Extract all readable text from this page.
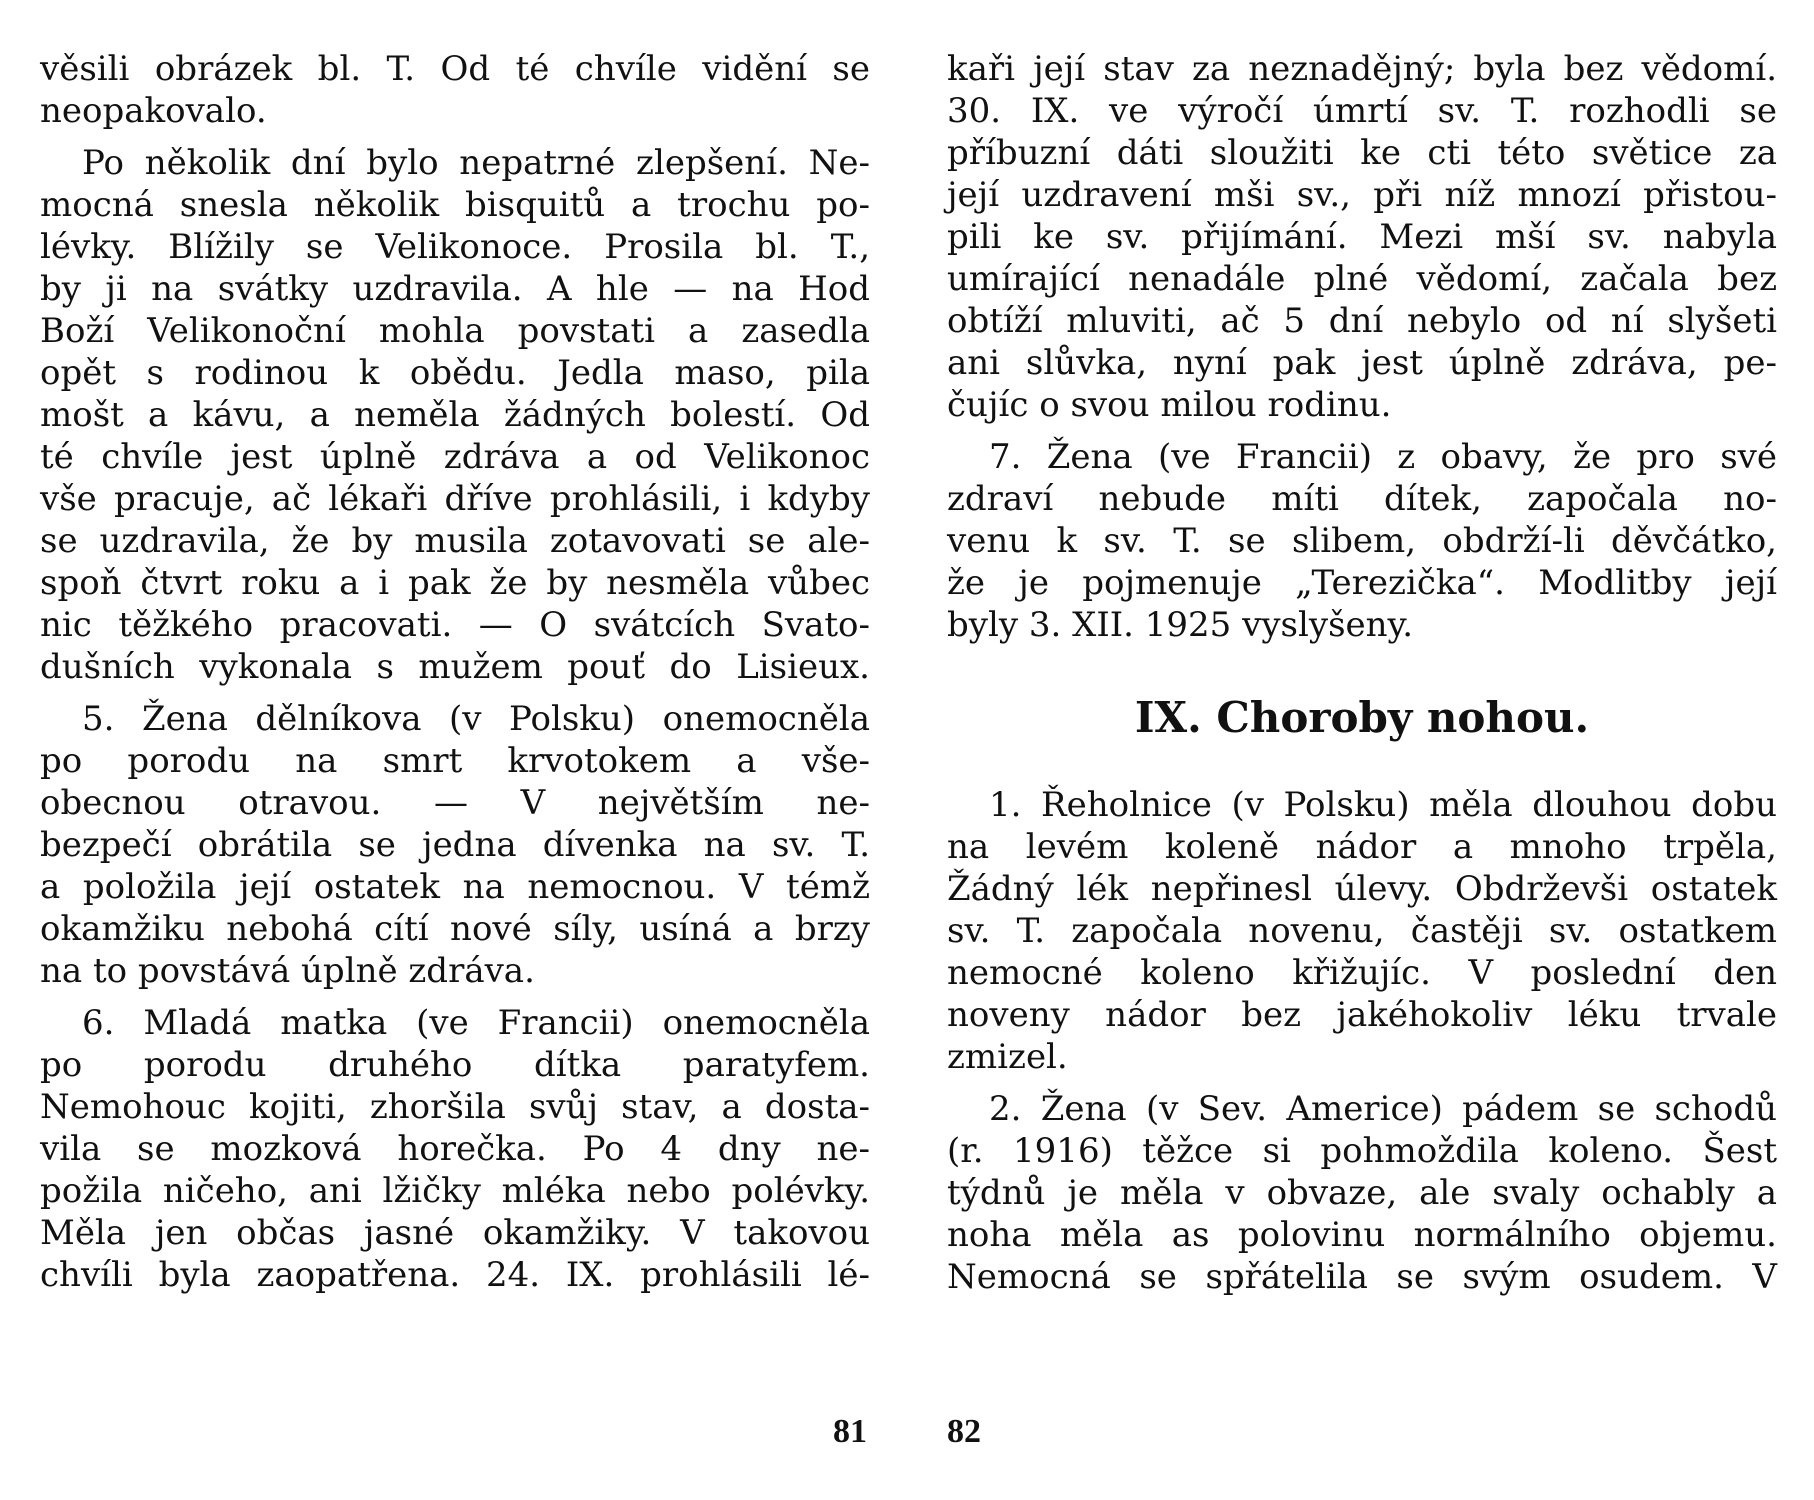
věsili obrázek bl. T. Od té chvíle vidění se
neopakovalo.
Po několik dní bylo nepatrné zlepšení. Ne-
mocná snesla několik bisquitů a trochu po-
lévky. Blížily se Velikonoce. Prosila bl. T.,
by ji na svátky uzdravila. A hle — na Hod
Boží Velikonoční mohla povstati a zasedla
opět s rodinou k obědu. Jedla maso, pila
mošt a kávu, a neměla žádných bolestí. Od
té chvíle jest úplně zdráva a od Velikonoc
vše pracuje, ač lékaři dříve prohlásili, i kdyby
se uzdravila, že by musila zotavovati se ale-
spoň čtvrt roku a i pak že by nesměla vůbec
nic těžkého pracovati. — O svátcích Svato-
dušních vykonala s mužem pouť do Lisieux.
5. Žena dělníkova (v Polsku) onemocněla
po porodu na smrt krvotokem a vše-
obecnou otravou. — V největším ne-
bezpečí obrátila se jedna dívenka na sv. T.
a položila její ostatek na nemocnou. V témž
okamžiku nebohá cítí nové síly, usíná a brzy
na to povstává úplně zdráva.
6. Mladá matka (ve Francii) onemocněla
po porodu druhého dítka paratyfem.
Nemohouc kojiti, zhoršila svůj stav, a dosta-
vila se mozková horečka. Po 4 dny ne-
požila ničeho, ani lžičky mléka nebo polévky.
Měla jen občas jasné okamžiky. V takovou
chvíli byla zaopatřena. 24. IX. prohlásili lé-
81
kaři její stav za neznadějný; byla bez vědomí.
30. IX. ve výročí úmrtí sv. T. rozhodli se
příbuzní dáti sloužiti ke cti této světice za
její uzdravení mši sv., při níž mnozí přistou-
pili ke sv. přijímání. Mezi mší sv. nabyla
umírající nenadále plné vědomí, začala bez
obtíží mluviti, ač 5 dní nebylo od ní slyšeti
ani slůvka, nyní pak jest úplně zdráva, pe-
čujíc o svou milou rodinu.
7. Žena (ve Francii) z obavy, že pro své
zdraví nebude míti dítek, započala no-
venu k sv. T. se slibem, obdrží-li děvčátko,
že je pojmenuje „Terezička“. Modlitby její
byly 3. XII. 1925 vyslyšeny.
IX. Choroby nohou.
1. Řeholnice (v Polsku) měla dlouhou dobu
na levém koleně nádor a mnoho trpěla,
Žádný lék nepřinesl úlevy. Obdrževši ostatek
sv. T. započala novenu, častěji sv. ostatkem
nemocné koleno křižujíc. V poslední den
noveny nádor bez jakéhokoliv léku trvale
zmizel.
2. Žena (v Sev. Americe) pádem se schodů
(r. 1916) těžce si pohmoždila koleno. Šest
týdnů je měla v obvaze, ale svaly ochably a
noha měla as polovinu normálního objemu.
Nemocná se spřátelila se svým osudem. V
82
